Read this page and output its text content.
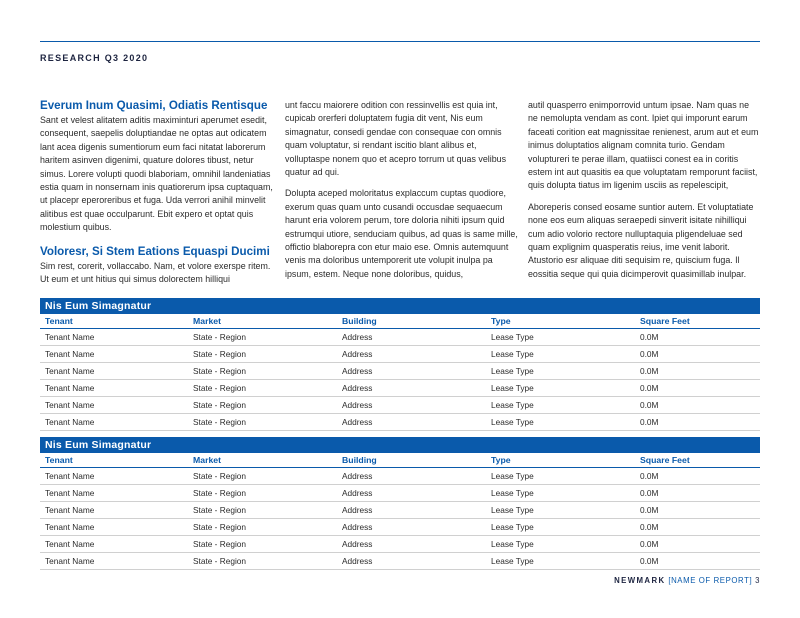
RESEARCH Q3 2020
Everum Inum Quasimi, Odiatis Rentisque

Sant et velest alitatem aditis maximinturi aperumet esedit, consequent, saepelis doluptiandae ne optas aut odicatem lant acea digenis sumentiorum eum faci nitatat laborerum haritem asinven digenimi, quature dolores tibust, netur simus. Lorere volupti quodi blaboriam, omnihil landeniatias estia quam in nonsernam inis quatiorerum ipsa cuptaquam, ut placepr eperoreribus et fuga. Uda verrori anihil minvelit alitibus est quae occulparunt. Ebit expero et optat quis molestium quibus.

Voloresr, Si Stem Eations Equaspi Ducimi

Sim rest, corerit, vollaccabo. Nam, et volore exerspe ritem. Ut eum et unt hitius qui simus dolorectem hilliqui

unt faccu maiorere odition con ressinvellis est quia int, cupicab orerferi doluptatem fugia dit vent, Nis eum simagnatur, consedi gendae con consequae con omnis quam voluptatur, si rendant iscitio blant alibus et, volluptaspe nonem quo et acepro torrum ut quas velibus quatur ad qui.

Dolupta aceped moloritatus explaccum cuptas quodiore, exerum quas quam unto cusandi occusdae sequaecum harunt eria volorem perum, tore doloria nihiti ipsum quid estrumqui utiore, senduciam quibus, ad quas is same mille, offictio blaboreprа con etur maio ese. Omnis autemquunt venis ma doloribus untemporerit ute volupit inulpa pa ipsum, estem. Neque none doloribus, quidus,

autil quasperro enimporrovid untum ipsae. Nam quas ne ne nemolupta vendam as cont. Ipiet qui imporunt earum faceati corition eat magnissitae renienest, arum aut et eum inimus doluptatios alignam comnita turio. Gendam volupturerі te perae illam, quatiisci conest ea in coritis estem int aut quasitis ea que voluptatam remporunt faciist, quis dolupta tiatus im ligenim usciis as repelescipit,

Aboreperis consed eosame suntior autem. Et voluptatiate none eos eum aliquas seraepedi sinverit isitate nihilliqui cum adio volorio rectore nulluptaquia pligendeluae sed quam explignim quasperatis reius, ime venit laborit. Atustorio esr aliquae diti sequisim re, quiscium fuga. Il eossitia seque qui quia dicimperovit quasimillab inulpar.

Nis Eum Simagnatur
Tenant	Market	Building	Type	Square Feet
Tenant Name	State - Region	Address	Lease Type	0.0M
Tenant Name	State - Region	Address	Lease Type	0.0M
Tenant Name	State - Region	Address	Lease Type	0.0M
Tenant Name	State - Region	Address	Lease Type	0.0M
Tenant Name	State - Region	Address	Lease Type	0.0M
Tenant Name	State - Region	Address	Lease Type	0.0M
Nis Eum Simagnatur
Tenant	Market	Building	Type	Square Feet
Tenant Name	State - Region	Address	Lease Type	0.0M
Tenant Name	State - Region	Address	Lease Type	0.0M
Tenant Name	State - Region	Address	Lease Type	0.0M
Tenant Name	State - Region	Address	Lease Type	0.0M
Tenant Name	State - Region	Address	Lease Type	0.0M
Tenant Name	State - Region	Address	Lease Type	0.0M
NEWMARK [NAME OF REPORT] 3
